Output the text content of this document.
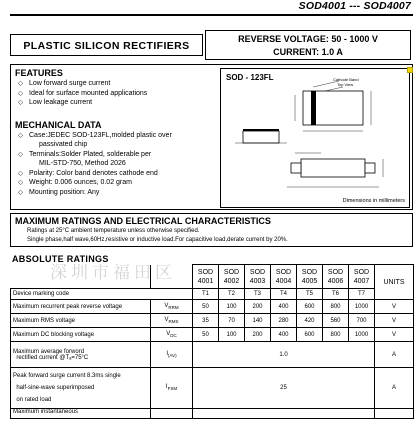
SOD4001 --- SOD4007
PLASTIC SILICON RECTIFIERS
REVERSE VOLTAGE: 50 - 1000 V
CURRENT: 1.0 A
FEATURES
◇ Low forward surge current
◇ Ideal for surface mounted applications
◇ Low leakage current
MECHANICAL DATA
◇ Case:JEDEC SOD-123FL,molded plastic over
passivated chip
◇ Terminals:Solder Plated, solderable per
MIL-STD-750, Method 2026
◇ Polarity: Color band denotes cathode end
◇ Weight: 0.006 ounces, 0.02 gram
◇ Mounting position: Any
SOD - 123FL	Cathode Band
Top View
Dimensions in millimeters
MAXIMUM RATINGS AND ELECTRICAL CHARACTERISTICS
Ratings at 25°C ambient temperature unless otherwise specified.
Single phase,half wave,60Hz,resistive or inductive load.For capacitive load,derate current by 20%.
ABSOLUTE RATINGS
		SOD
4001	SOD
4002	SOD
4003	SOD
4004	SOD
4005	SOD
4006	SOD
4007	UNITS
Device marking code		T1	T2	T3	T4	T5	T6	T7	
Maximum recurrent peak reverse voltage	$V_{RRM}$	50	100	200	400	600	800	1000	V
Maximum RMS voltage	$V_{RMS}$	35	70	140	280	420	560	700	V
Maximum DC blocking voltage	$V_{DC}$	50	100	200	400	600	800	1000	V
Maximum average forword
rectified current @Tₐ=75°C	$I_{(AV)}$	1.0							A
Peak forward surge current 8.3ms single
half-sine-wave superimposed
on rated load	$I_{FSM}$	25							A
Maximum instantaneous									
深圳市福田区
